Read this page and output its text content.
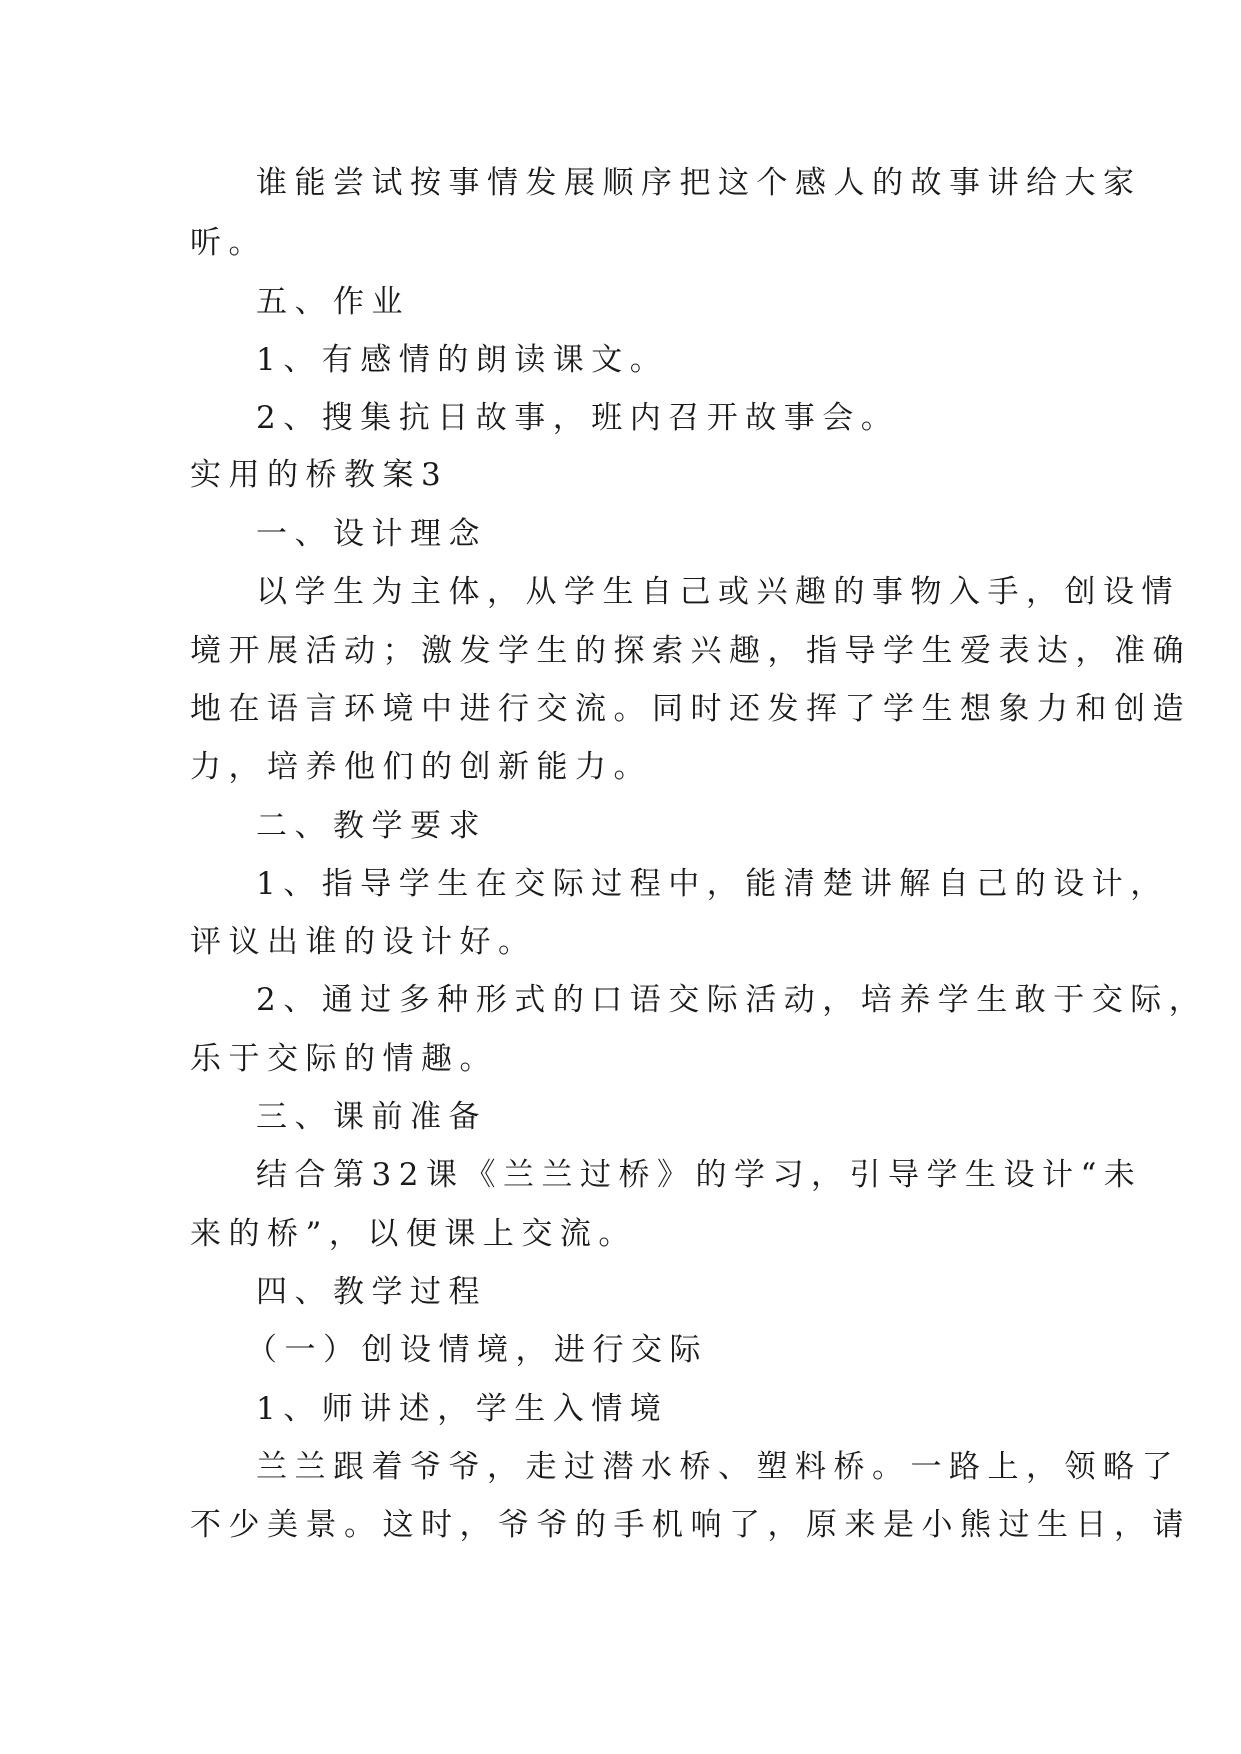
谁能尝试按事情发展顺序把这个感人的故事讲给大家
听。
五、作业
1、有感情的朗读课文。
2、搜集抗日故事，班内召开故事会。
实用的桥教案3
一、设计理念
以学生为主体，从学生自己或兴趣的事物入手，创设情
境开展活动；激发学生的探索兴趣，指导学生爱表达，准确
地在语言环境中进行交流。同时还发挥了学生想象力和创造
力，培养他们的创新能力。
二、教学要求
1、指导学生在交际过程中，能清楚讲解自己的设计，
评议出谁的设计好。
2、通过多种形式的口语交际活动，培养学生敢于交际，
乐于交际的情趣。
三、课前准备
结合第32课《兰兰过桥》的学习，引导学生设计“未
来的桥”，以便课上交流。
四、教学过程
（一）创设情境，进行交际
1、师讲述，学生入情境
兰兰跟着爷爷，走过潜水桥、塑料桥。一路上，领略了
不少美景。这时，爷爷的手机响了，原来是小熊过生日，请
